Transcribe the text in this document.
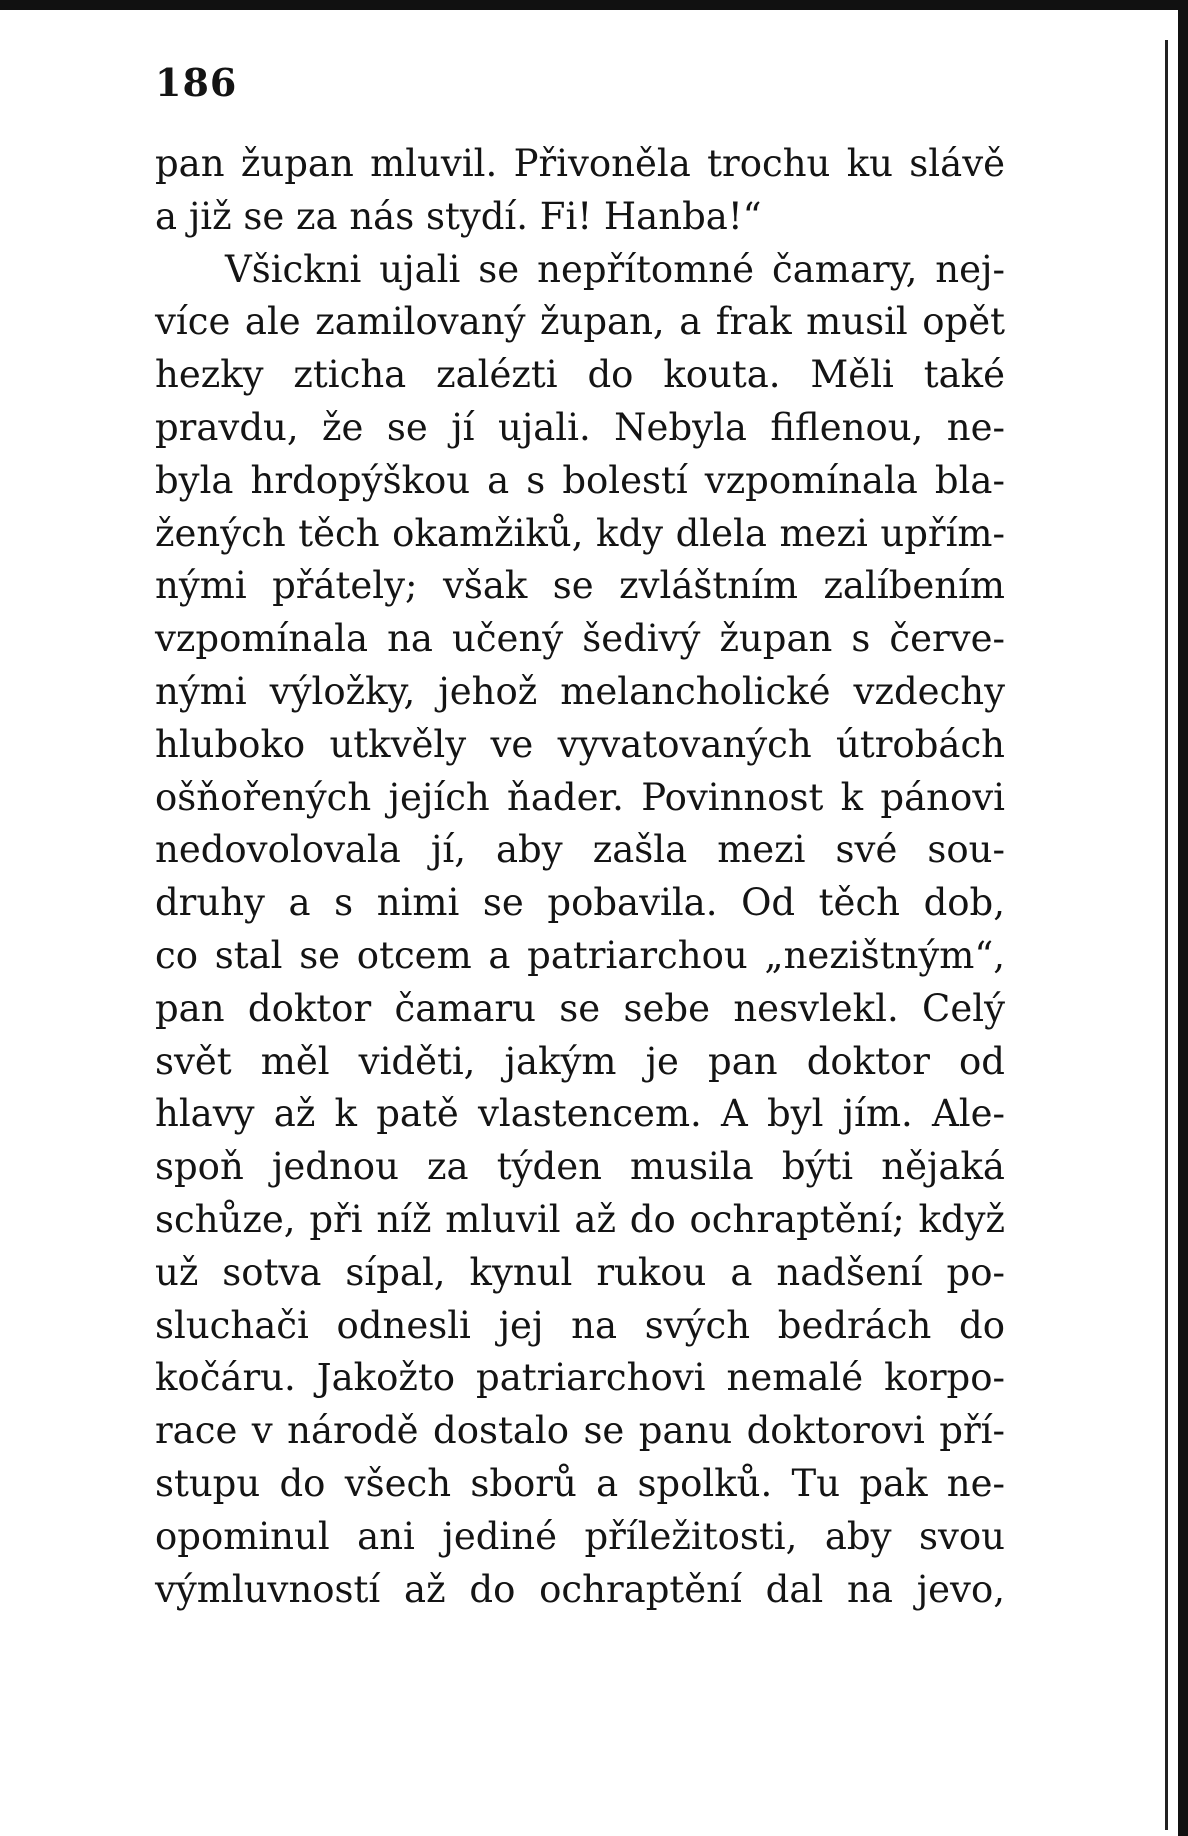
186
pan župan mluvil. Přivoněla trochu ku slávě
a již se za nás stydí. Fi! Hanba!“
Všickni ujali se nepřítomné čamary, nej-
více ale zamilovaný župan, a frak musil opět
hezky zticha zalézti do kouta. Měli také
pravdu, že se jí ujali. Nebyla fiflenou, ne-
byla hrdopýškou a s bolestí vzpomínala bla-
žených těch okamžiků, kdy dlela mezi upřím-
nými přátely; však se zvláštním zalíbením
vzpomínala na učený šedivý župan s červe-
nými výložky, jehož melancholické vzdechy
hluboko utkvěly ve vyvatovaných útrobách
ošňořených jejích ňader. Povinnost k pánovi
nedovolovala jí, aby zašla mezi své sou-
druhy a s nimi se pobavila. Od těch dob,
co stal se otcem a patriarchou „nezištným“,
pan doktor čamaru se sebe nesvlekl. Celý
svět měl viděti, jakým je pan doktor od
hlavy až k patě vlastencem. A byl jím. Ale-
spoň jednou za týden musila býti nějaká
schůze, při níž mluvil až do ochraptění; když
už sotva sípal, kynul rukou a nadšení po-
sluchači odnesli jej na svých bedrách do
kočáru. Jakožto patriarchovi nemalé korpo-
race v národě dostalo se panu doktorovi pří-
stupu do všech sborů a spolků. Tu pak ne-
opominul ani jediné příležitosti, aby svou
výmluvností až do ochraptění dal na jevo,
